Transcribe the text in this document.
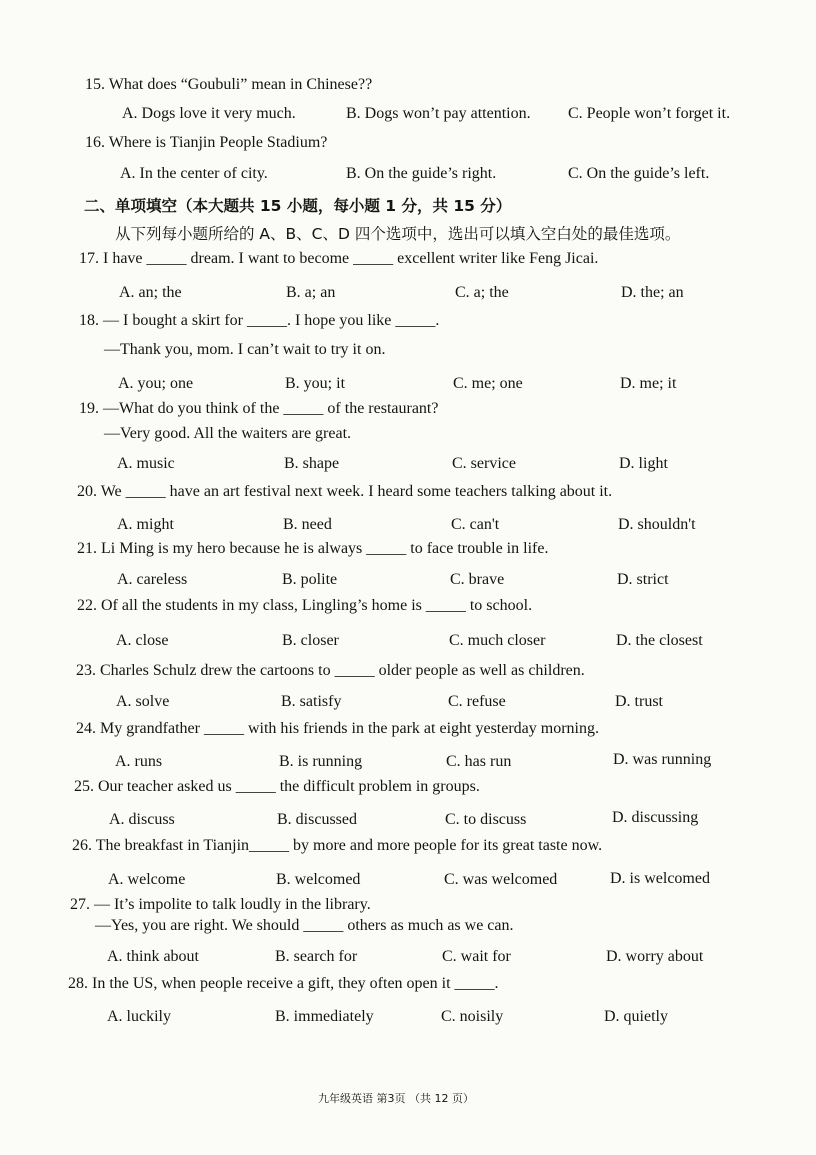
15. What does “Goubuli” mean in Chinese??
A. Dogs love it very much.	B. Dogs won’t pay attention. C. People won’t forget it.
16. Where is Tianjin People Stadium?
A. In the center of city.	B. On the guide’s right.	C. On the guide’s left.
二、单项填空（本大题共 15 小题，每小题 1 分，共 15 分）
从下列每小题所给的 A、B、C、D 四个选项中，选出可以填入空白处的最佳选项。
17. I have _____ dream. I want to become _____ excellent writer like Feng Jicai.
A. an; the	B. a; an	C. a; the	D. the; an
18. — I bought a skirt for _____. I hope you like _____.
—Thank you, mom. I can’t wait to try it on.
A. you; one	B. you; it	C. me; one	D. me; it
19. —What do you think of the _____ of the restaurant?
—Very good. All the waiters are great.
A. music	B. shape	C. service	D. light
20. We _____ have an art festival next week. I heard some teachers talking about it.
A. might	B. need	C. can't	D. shouldn't
21. Li Ming is my hero because he is always _____ to face trouble in life.
A. careless	B. polite	C. brave	D. strict
22. Of all the students in my class, Lingling’s home is _____ to school.
A. close	B. closer	C. much closer	D. the closest
23. Charles Schulz drew the cartoons to _____ older people as well as children.
A. solve	B. satisfy	C. refuse	D. trust
24. My grandfather _____ with his friends in the park at eight yesterday morning.
A. runs	B. is running	C. has run	D. was running
25. Our teacher asked us _____ the difficult problem in groups.
A. discuss	B. discussed	C. to discuss	D. discussing
26. The breakfast in Tianjin_____ by more and more people for its great taste now.
A. welcome	B. welcomed	C. was welcomed	D. is welcomed
27. — It’s impolite to talk loudly in the library.
—Yes, you are right. We should _____ others as much as we can.
A. think about	B. search for	C. wait for	D. worry about
28. In the US, when people receive a gift, they often open it _____.
A. luckily	B. immediately	C. noisily	D. quietly
九年级英语 第3页 （共 12 页）
